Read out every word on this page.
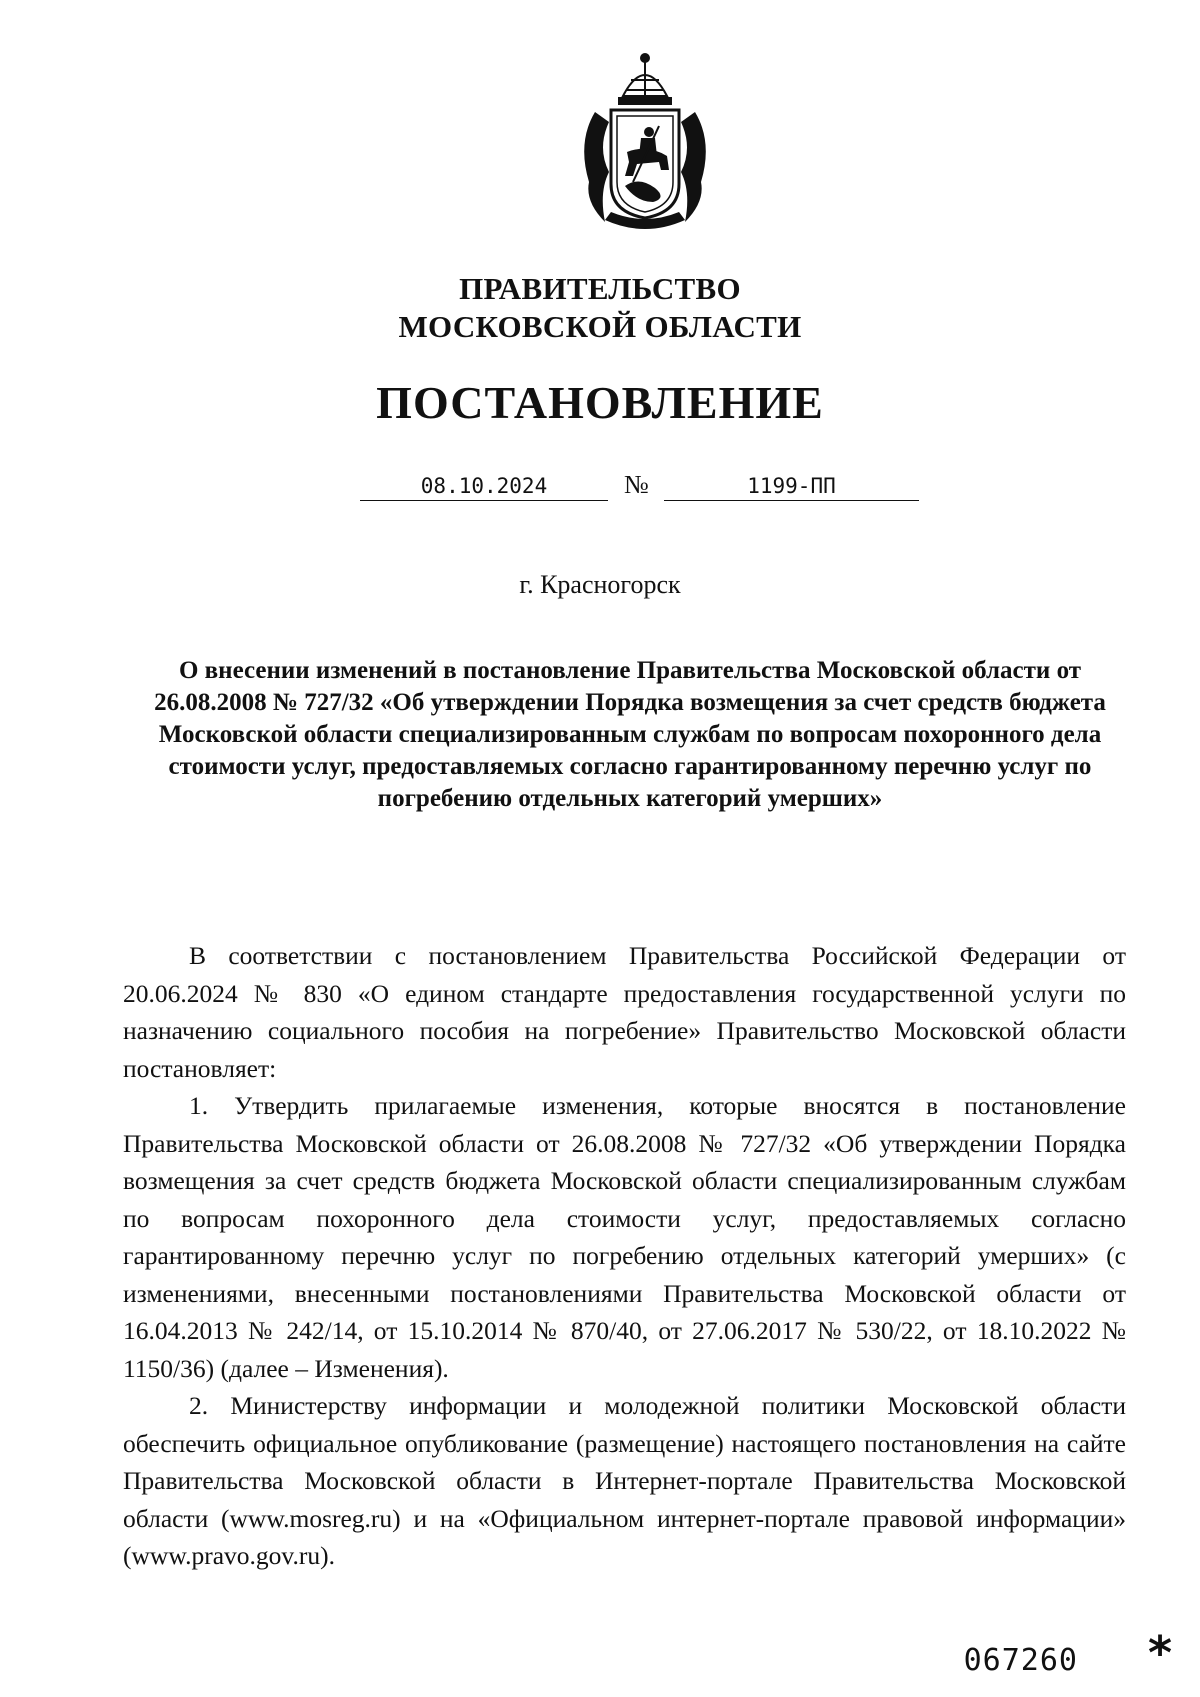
ПРАВИТЕЛЬСТВО
МОСКОВСКОЙ ОБЛАСТИ
ПОСТАНОВЛЕНИЕ
08.10.2024	№	1199-ПП
г. Красногорск
О внесении изменений в постановление Правительства Московской области от 26.08.2008 № 727/32 «Об утверждении Порядка возмещения за счет средств бюджета Московской области специализированным службам по вопросам похоронного дела стоимости услуг, предоставляемых согласно гарантированному перечню услуг по погребению отдельных категорий умерших»

В соответствии с постановлением Правительства Российской Федерации от 20.06.2024 № 830 «О едином стандарте предоставления государственной услуги по назначению социального пособия на погребение» Правительство Московской области постановляет:

1. Утвердить прилагаемые изменения, которые вносятся в постановление Правительства Московской области от 26.08.2008 № 727/32 «Об утверждении Порядка возмещения за счет средств бюджета Московской области специализированным службам по вопросам похоронного дела стоимости услуг, предоставляемых согласно гарантированному перечню услуг по погребению отдельных категорий умерших» (с изменениями, внесенными постановлениями Правительства Московской области от 16.04.2013 № 242/14, от 15.10.2014 № 870/40, от 27.06.2017 № 530/22, от 18.10.2022 № 1150/36) (далее – Изменения).

2. Министерству информации и молодежной политики Московской области обеспечить официальное опубликование (размещение) настоящего постановления на сайте Правительства Московской области в Интернет-портале Правительства Московской области (www.mosreg.ru) и на «Официальном интернет-портале правовой информации» (www.pravo.gov.ru).

067260 *
